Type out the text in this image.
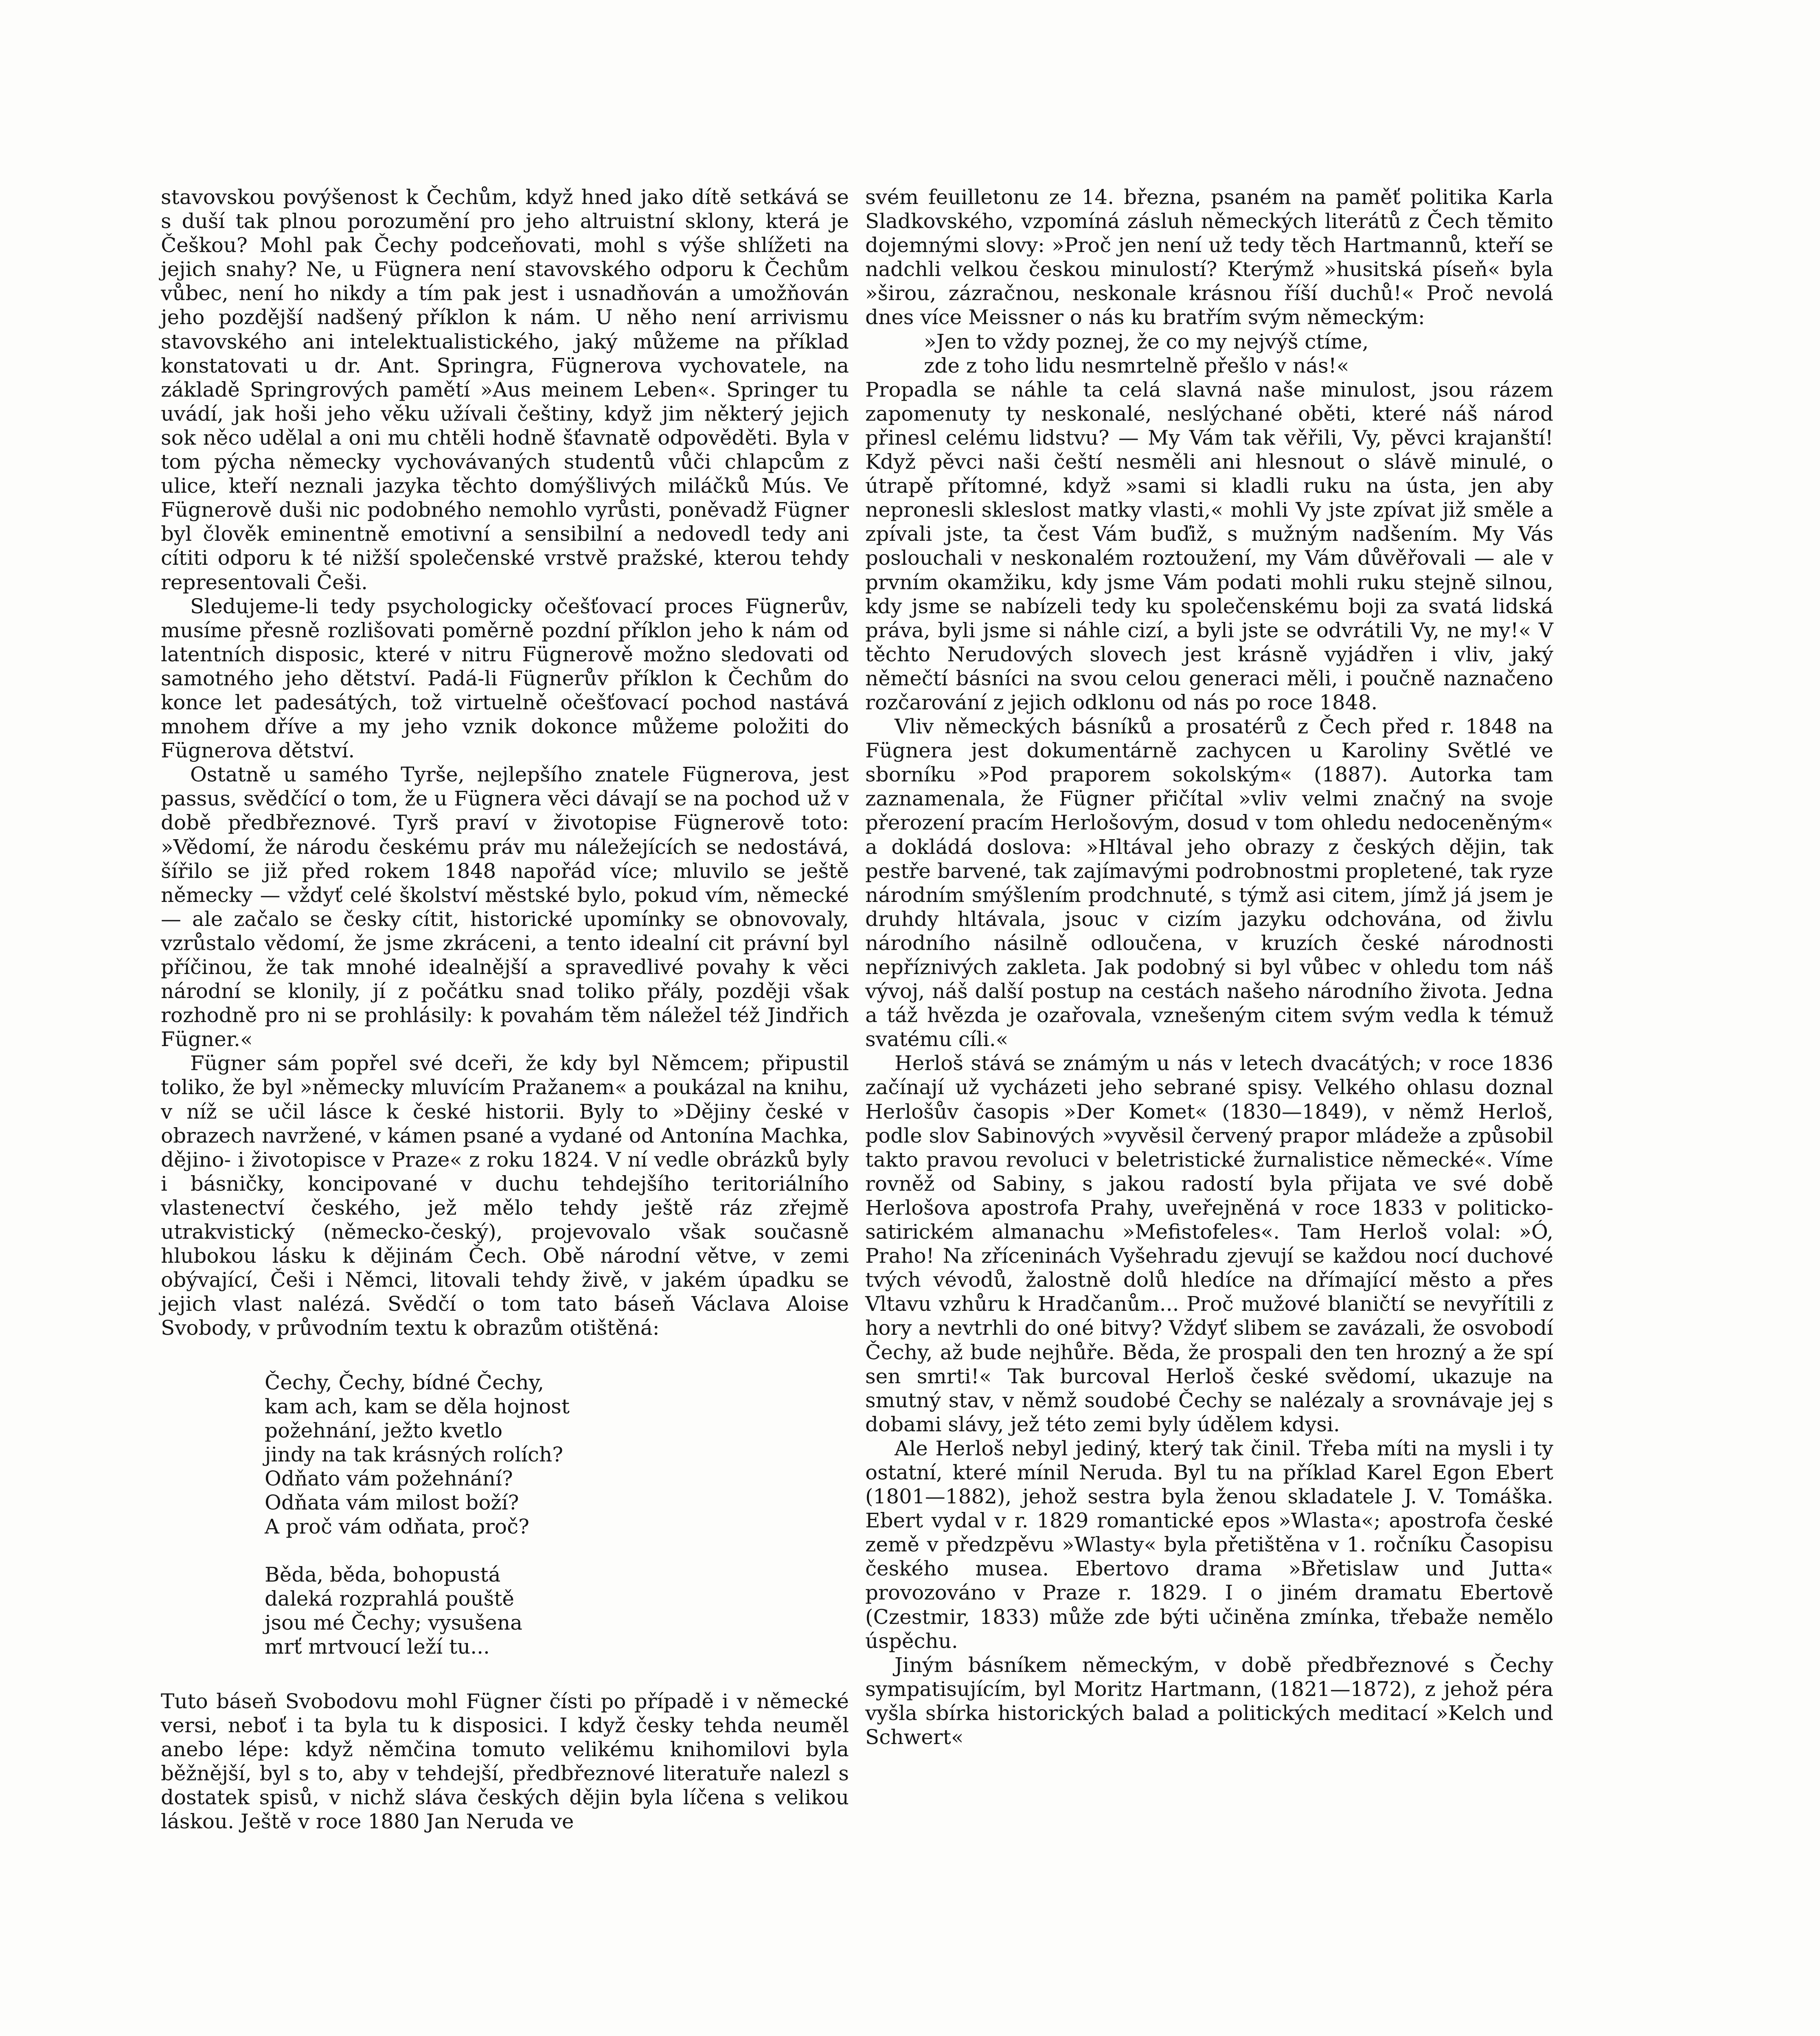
stavovskou povýšenost k Čechům, když hned jako dítě setkává se s duší tak plnou porozumění pro jeho altruistní sklony, která je Češkou? Mohl pak Čechy podceňovati, mohl s výše shlížeti na jejich snahy? Ne, u Fügnera není stavovského odporu k Čechům vůbec, není ho nikdy a tím pak jest i usnadňován a umožňován jeho pozdější nadšený příklon k nám. U něho není arrivismu stavovského ani intelektualistického, jaký můžeme na příklad konstatovati u dr. Ant. Springra, Fügnerova vychovatele, na základě Springrových pamětí »Aus meinem Leben«. Springer tu uvádí, jak hoši jeho věku užívali češtiny, když jim některý jejich sok něco udělal a oni mu chtěli hodně šťavnatě odpověděti. Byla v tom pýcha německy vychovávaných studentů vůči chlapcům z ulice, kteří neznali jazyka těchto domýšlivých miláčků Mús. Ve Fügnerově duši nic podobného nemohlo vyrůsti, poněvadž Fügner byl člověk eminentně emotivní a sensibilní a nedovedl tedy ani cítiti odporu k té nižší společenské vrstvě pražské, kterou tehdy representovali Češi.

Sledujeme-li tedy psychologicky očešťovací proces Fügnerův, musíme přesně rozlišovati poměrně pozdní příklon jeho k nám od latentních disposic, které v nitru Fügnerově možno sledovati od samotného jeho dětství. Padá-li Fügnerův příklon k Čechům do konce let padesátých, tož virtuelně očešťovací pochod nastává mnohem dříve a my jeho vznik dokonce můžeme položiti do Fügnerova dětství.

Ostatně u samého Tyrše, nejlepšího znatele Fügnerova, jest passus, svědčící o tom, že u Fügnera věci dávají se na pochod už v době předbřeznové. Tyrš praví v životopise Fügnerově toto: »Vědomí, že národu českému práv mu náležejících se nedostává, šířilo se již před rokem 1848 napořád více; mluvilo se ještě německy — vždyť celé školství městské bylo, pokud vím, německé — ale začalo se česky cítit, historické upomínky se obnovovaly, vzrůstalo vědomí, že jsme zkráceni, a tento idealní cit právní byl příčinou, že tak mnohé idealnější a spravedlivé povahy k věci národní se klonily, jí z počátku snad toliko přály, později však rozhodně pro ni se prohlásily: k povahám těm náležel též Jindřich Fügner.«

Fügner sám popřel své dceři, že kdy byl Němcem; připustil toliko, že byl »německy mluvícím Pražanem« a poukázal na knihu, v níž se učil lásce k české historii. Byly to »Dějiny české v obrazech navržené, v kámen psané a vydané od Antonína Machka, dějino- i životopisce v Praze« z roku 1824. V ní vedle obrázků byly i básničky, koncipované v duchu tehdejšího teritoriálního vlastenectví českého, jež mělo tehdy ještě ráz zřejmě utrakvistický (německo-český), projevovalo však současně hlubokou lásku k dějinám Čech. Obě národní větve, v zemi obývající, Češi i Němci, litovali tehdy živě, v jakém úpadku se jejich vlast nalézá. Svědčí o tom tato báseň Václava Aloise Svobody, v průvodním textu k obrazům otištěná:

Čechy, Čechy, bídné Čechy,
kam ach, kam se děla hojnost
požehnání, ježto kvetlo
jindy na tak krásných rolích?
Odňato vám požehnání?
Odňata vám milost boží?
A proč vám odňata, proč?
Běda, běda, bohopustá
daleká rozprahlá pouště
jsou mé Čechy; vysušena
mrť mrtvoucí leží tu...

Tuto báseň Svobodovu mohl Fügner čísti po případě i v německé versi, neboť i ta byla tu k disposici. I když česky tehda neuměl anebo lépe: když němčina tomuto velikému knihomilovi byla běžnější, byl s to, aby v tehdejší, předbřeznové literatuře nalezl s dostatek spisů, v nichž sláva českých dějin byla líčena s velikou láskou. Ještě v roce 1880 Jan Neruda ve

svém feuilletonu ze 14. března, psaném na paměť politika Karla Sladkovského, vzpomíná zásluh německých literátů z Čech těmito dojemnými slovy: »Proč jen není už tedy těch Hartmannů, kteří se nadchli velkou českou minulostí? Kterýmž »husitská píseň« byla »širou, zázračnou, neskonale krásnou říší duchů!« Proč nevolá dnes více Meissner o nás ku bratřím svým německým:

»Jen to vždy poznej, že co my nejvýš ctíme,
zde z toho lidu nesmrtelně přešlo v nás!«

Propadla se náhle ta celá slavná naše minulost, jsou rázem zapomenuty ty neskonalé, neslýchané oběti, které náš národ přinesl celému lidstvu? — My Vám tak věřili, Vy, pěvci krajanští! Když pěvci naši čeští nesměli ani hlesnout o slávě minulé, o útrapě přítomné, když »sami si kladli ruku na ústa, jen aby nepronesli skleslost matky vlasti,« mohli Vy jste zpívat již směle a zpívali jste, ta čest Vám buďiž, s mužným nadšením. My Vás poslouchali v neskonalém roztoužení, my Vám důvěřovali — ale v prvním okamžiku, kdy jsme Vám podati mohli ruku stejně silnou, kdy jsme se nabízeli tedy ku společenskému boji za svatá lidská práva, byli jsme si náhle cizí, a byli jste se odvrátili Vy, ne my!« V těchto Nerudových slovech jest krásně vyjádřen i vliv, jaký němečtí básníci na svou celou generaci měli, i poučně naznačeno rozčarování z jejich odklonu od nás po roce 1848.

Vliv německých básníků a prosatérů z Čech před r. 1848 na Fügnera jest dokumentárně zachycen u Karoliny Světlé ve sborníku »Pod praporem sokolským« (1887). Autorka tam zaznamenala, že Fügner přičítal »vliv velmi značný na svoje přerození pracím Herlošovým, dosud v tom ohledu nedoceněným« a dokládá doslova: »Hltával jeho obrazy z českých dějin, tak pestře barvené, tak zajímavými podrobnostmi propletené, tak ryze národním smýšlením prodchnuté, s týmž asi citem, jímž já jsem je druhdy hltávala, jsouc v cizím jazyku odchována, od živlu národního násilně odloučena, v kruzích české národnosti nepříznivých zakleta. Jak podobný si byl vůbec v ohledu tom náš vývoj, náš další postup na cestách našeho národního života. Jedna a táž hvězda je ozařovala, vznešeným citem svým vedla k témuž svatému cíli.«

Herloš stává se známým u nás v letech dvacátých; v roce 1836 začínají už vycházeti jeho sebrané spisy. Velkého ohlasu doznal Herlošův časopis »Der Komet« (1830—1849), v němž Herloš, podle slov Sabinových »vyvěsil červený prapor mládeže a způsobil takto pravou revoluci v beletristické žurnalistice německé«. Víme rovněž od Sabiny, s jakou radostí byla přijata ve své době Herlošova apostrofa Prahy, uveřejněná v roce 1833 v politicko-satirickém almanachu »Mefistofeles«. Tam Herloš volal: »Ó, Praho! Na zříceninách Vyšehradu zjevují se každou nocí duchové tvých vévodů, žalostně dolů hledíce na dřímající město a přes Vltavu vzhůru k Hradčanům... Proč mužové blaničtí se nevyřítili z hory a nevtrhli do oné bitvy? Vždyť slibem se zavázali, že osvobodí Čechy, až bude nejhůře. Běda, že prospali den ten hrozný a že spí sen smrti!« Tak burcoval Herloš české svědomí, ukazuje na smutný stav, v němž soudobé Čechy se nalézaly a srovnávaje jej s dobami slávy, jež této zemi byly údělem kdysi.

Ale Herloš nebyl jediný, který tak činil. Třeba míti na mysli i ty ostatní, které mínil Neruda. Byl tu na příklad Karel Egon Ebert (1801—1882), jehož sestra byla ženou skladatele J. V. Tomáška. Ebert vydal v r. 1829 romantické epos »Wlasta«; apostrofa české země v předzpěvu »Wlasty« byla přetištěna v 1. ročníku Časopisu českého musea. Ebertovo drama »Břetislaw und Jutta« provozováno v Praze r. 1829. I o jiném dramatu Ebertově (Czestmir, 1833) může zde býti učiněna zmínka, třebaže nemělo úspěchu.

Jiným básníkem německým, v době předbřeznové s Čechy sympatisujícím, byl Moritz Hartmann, (1821—1872), z jehož péra vyšla sbírka historických balad a politických meditací »Kelch und Schwert«
